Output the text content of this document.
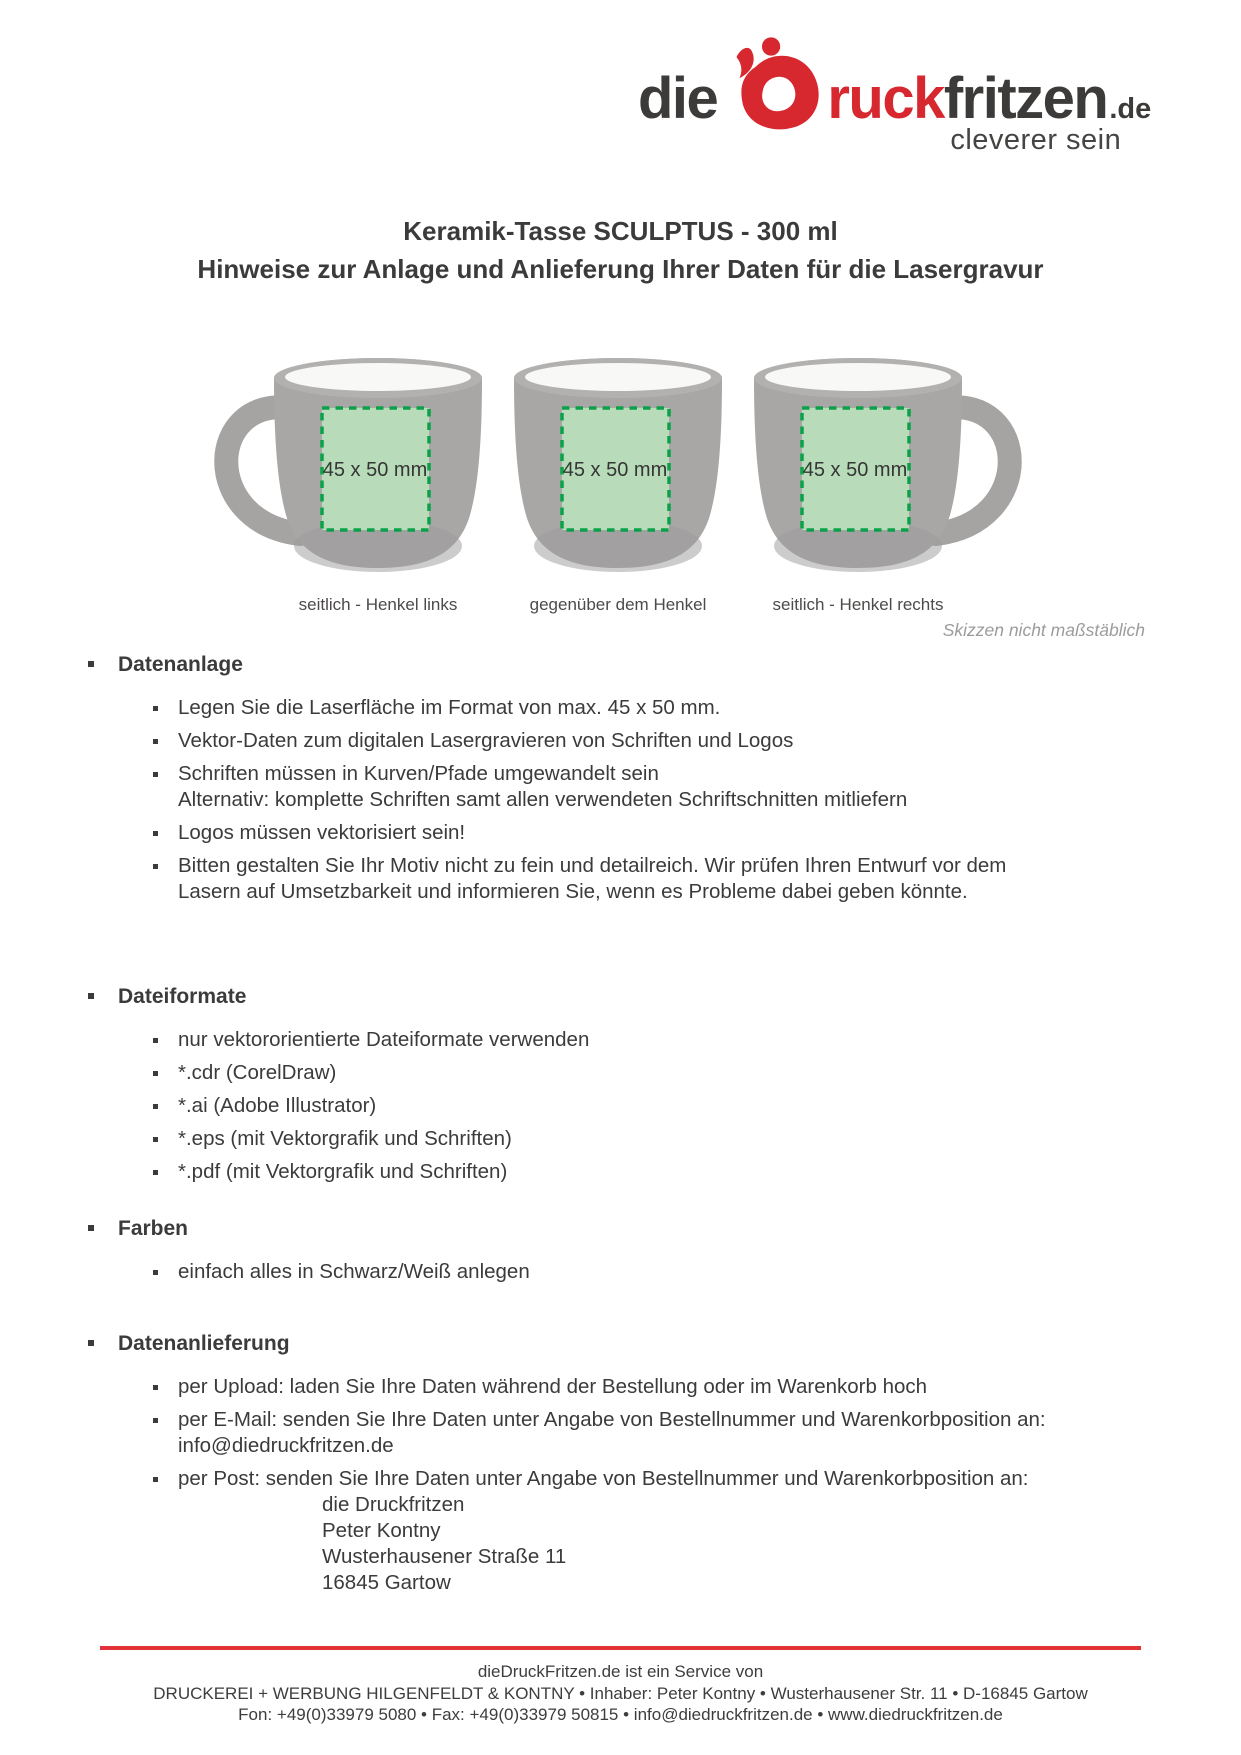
die ruck fritzen .de
cleverer sein
Keramik-Tasse SCULPTUS - 300 ml
Hinweise zur Anlage und Anlieferung Ihrer Daten für die Lasergravur
45 x 50 mm
seitlich - Henkel links
45 x 50 mm
gegenüber dem Henkel
45 x 50 mm
seitlich - Henkel rechts
Skizzen nicht maßstäblich
Datenanlage
Legen Sie die Laserfläche im Format von max. 45 x 50 mm.
Vektor-Daten zum digitalen Lasergravieren von Schriften und Logos
Schriften müssen in Kurven/Pfade umgewandelt sein
Alternativ: komplette Schriften samt allen verwendeten Schriftschnitten mitliefern
Logos müssen vektorisiert sein!
Bitten gestalten Sie Ihr Motiv nicht zu fein und detailreich. Wir prüfen Ihren Entwurf vor dem
Lasern auf Umsetzbarkeit und informieren Sie, wenn es Probleme dabei geben könnte.
Dateiformate
nur vektororientierte Dateiformate verwenden
*.cdr (CorelDraw)
*.ai (Adobe Illustrator)
*.eps (mit Vektorgrafik und Schriften)
*.pdf (mit Vektorgrafik und Schriften)
Farben
einfach alles in Schwarz/Weiß anlegen
Datenanlieferung
per Upload: laden Sie Ihre Daten während der Bestellung oder im Warenkorb hoch
per E-Mail: senden Sie Ihre Daten unter Angabe von Bestellnummer und Warenkorbposition an:
info@diedruckfritzen.de
per Post: senden Sie Ihre Daten unter Angabe von Bestellnummer und Warenkorbposition an:
die Druckfritzen
Peter Kontny
Wusterhausener Straße 11
16845 Gartow
dieDruckFritzen.de ist ein Service von
DRUCKEREI + WERBUNG HILGENFELDT & KONTNY • Inhaber: Peter Kontny • Wusterhausener Str. 11 • D-16845 Gartow
Fon: +49(0)33979 5080 • Fax: +49(0)33979 50815 • info@diedruckfritzen.de • www.diedruckfritzen.de
